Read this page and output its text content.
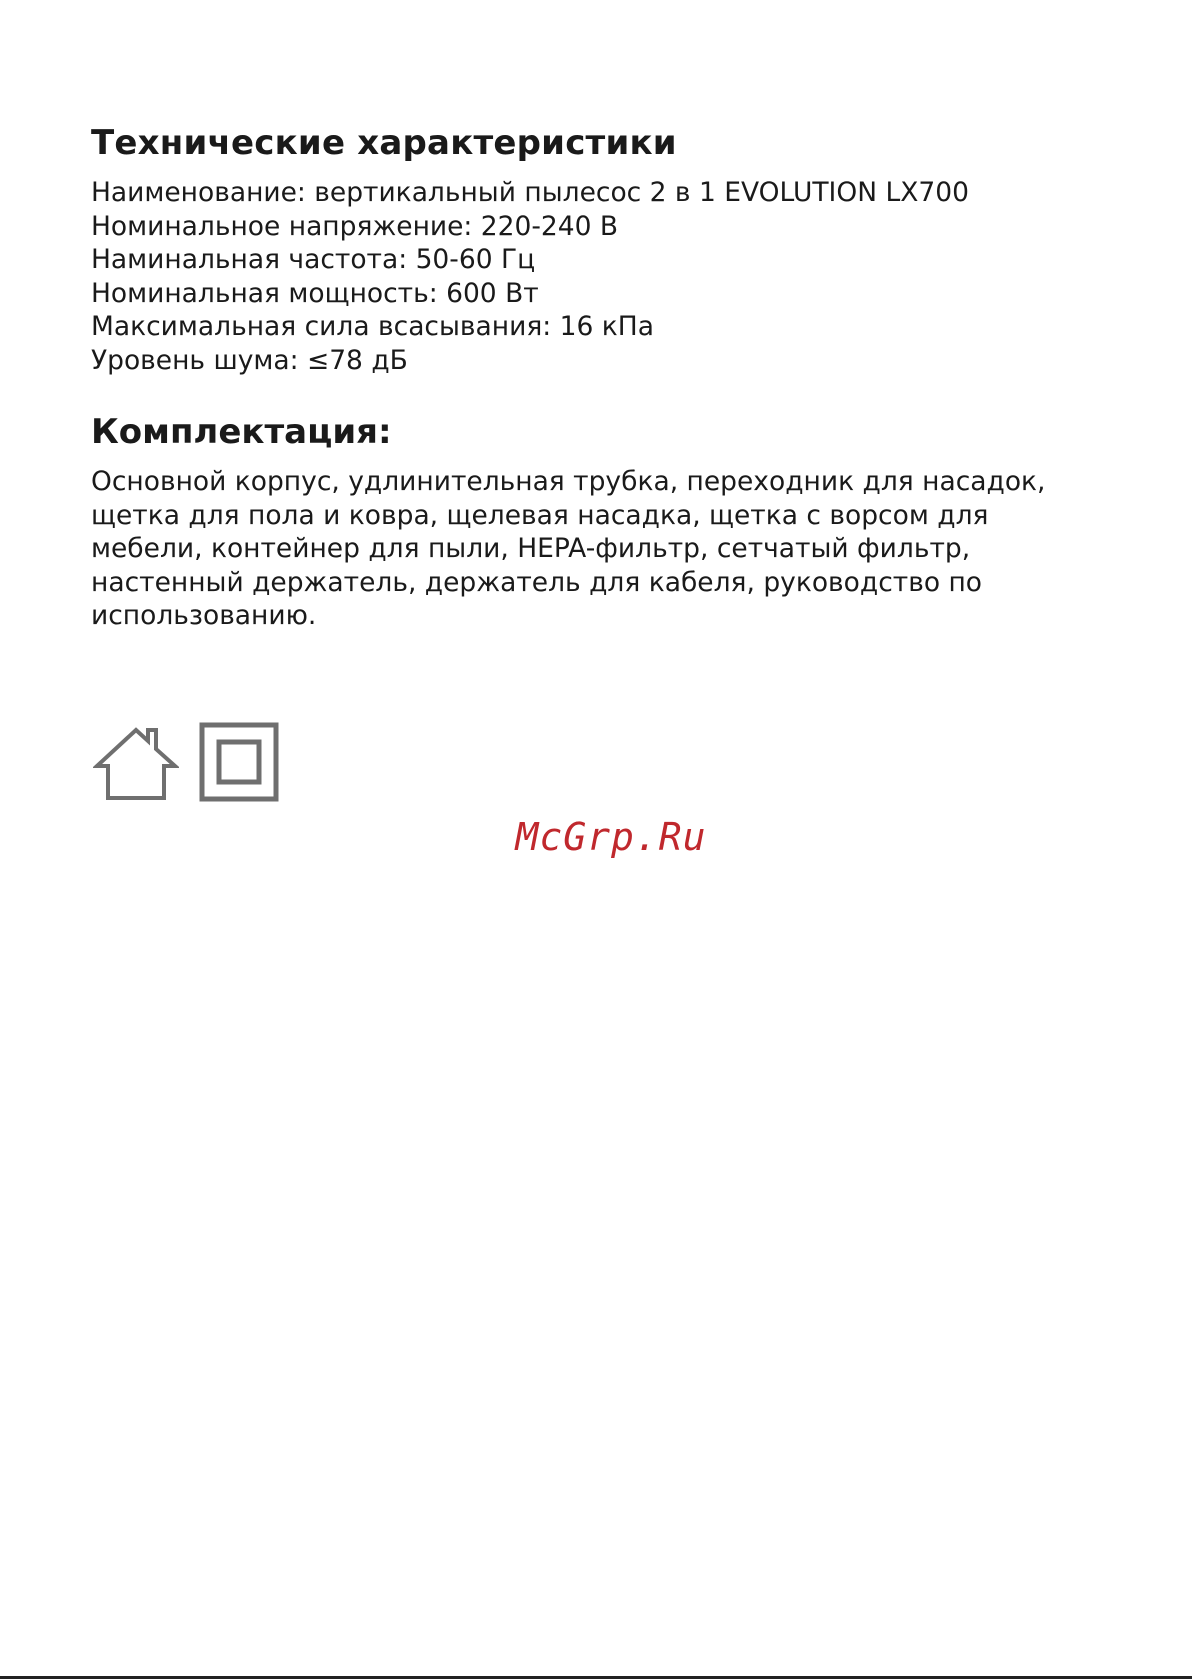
Технические характеристики
Наименование: вертикальный пылесос 2 в 1 EVOLUTION LX700
Номинальное напряжение: 220-240 В
Наминальная частота: 50-60 Гц
Номинальная мощность: 600 Вт
Максимальная сила всасывания: 16 кПа
Уровень шума: ≤78 дБ
Комплектация:
Основной корпус, удлинительная трубка, переходник для насадок,
щетка для пола и ковра, щелевая насадка, щетка с ворсом для
мебели, контейнер для пыли, HEPA-фильтр, сетчатый фильтр,
настенный держатель, держатель для кабеля, руководство по
использованию.
McGrp.Ru
